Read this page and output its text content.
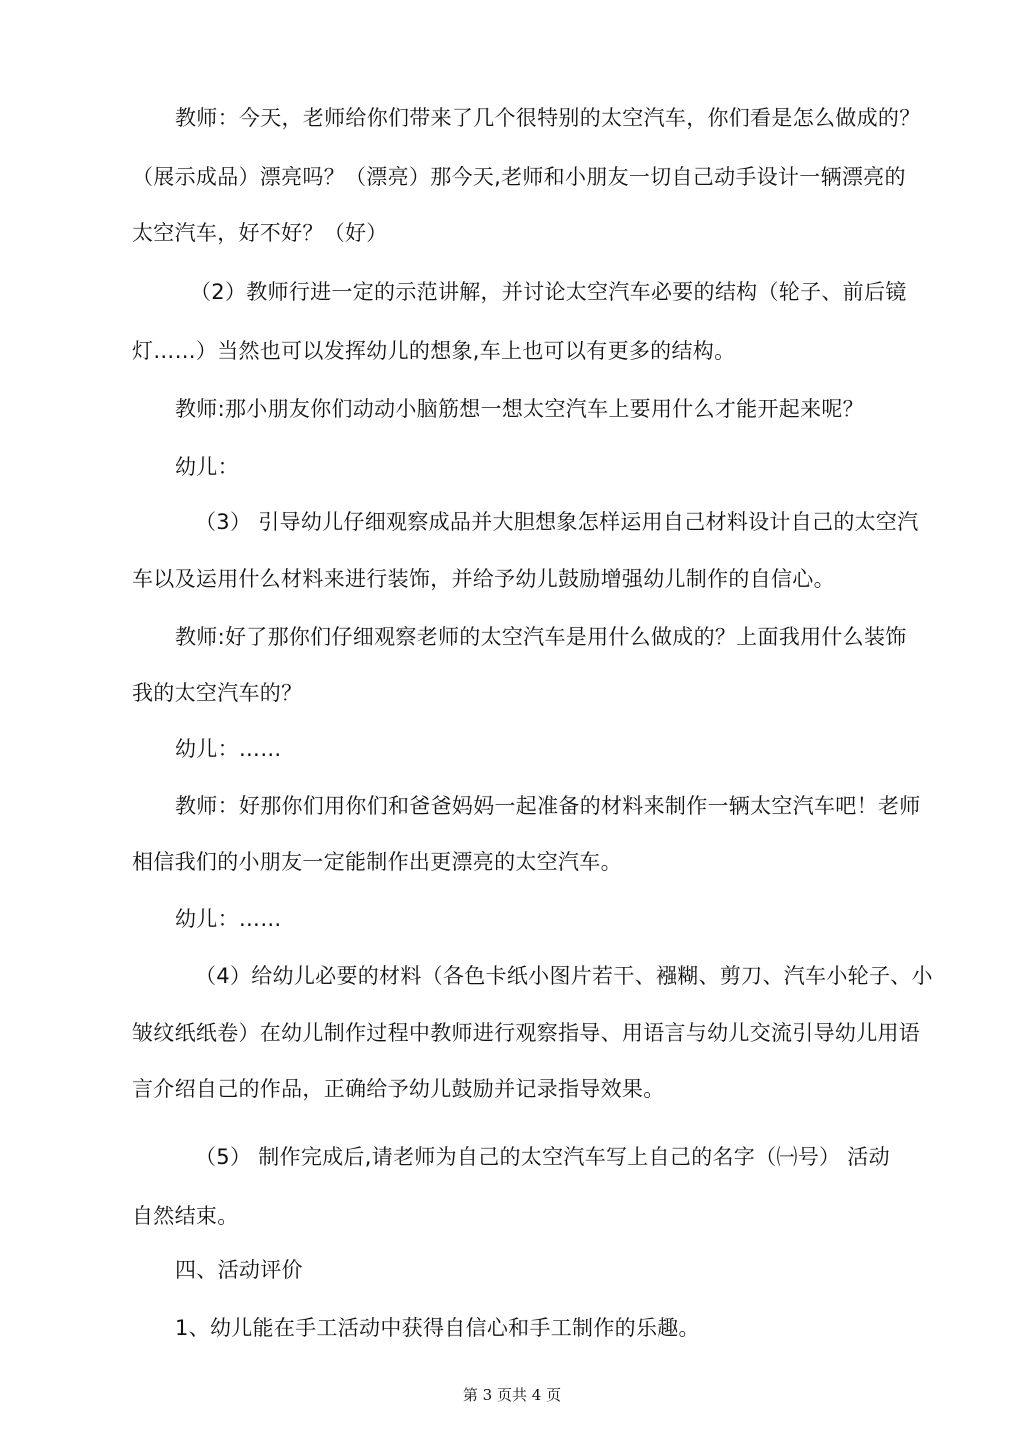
教师：今天，老师给你们带来了几个很特别的太空汽车，你们看是怎么做成的？
（展示成品）漂亮吗？（漂亮）那今天,老师和小朋友一切自己动手设计一辆漂亮的
太空汽车，好不好？（好）
（2）教师行进一定的示范讲解，并讨论太空汽车必要的结构（轮子、前后镜
灯……）当然也可以发挥幼儿的想象,车上也可以有更多的结构。
教师:那小朋友你们动动小脑筋想一想太空汽车上要用什么才能开起来呢？
幼儿：
（3） 引导幼儿仔细观察成品并大胆想象怎样运用自己材料设计自己的太空汽
车以及运用什么材料来进行装饰，并给予幼儿鼓励增强幼儿制作的自信心。
教师:好了那你们仔细观察老师的太空汽车是用什么做成的？上面我用什么装饰
我的太空汽车的？
幼儿：……
教师：好那你们用你们和爸爸妈妈一起准备的材料来制作一辆太空汽车吧！老师
相信我们的小朋友一定能制作出更漂亮的太空汽车。
幼儿：……
（4）给幼儿必要的材料（各色卡纸小图片若干、襁糊、剪刀、汽车小轮子、小
皱纹纸纸卷）在幼儿制作过程中教师进行观察指导、用语言与幼儿交流引导幼儿用语
言介绍自己的作品，正确给予幼儿鼓励并记录指导效果。
（5） 制作完成后,请老师为自己的太空汽车写上自己的名字（㈠号） 活动
自然结束。
四、活动评价
1、幼儿能在手工活动中获得自信心和手工制作的乐趣。
第 3 页共 4 页
